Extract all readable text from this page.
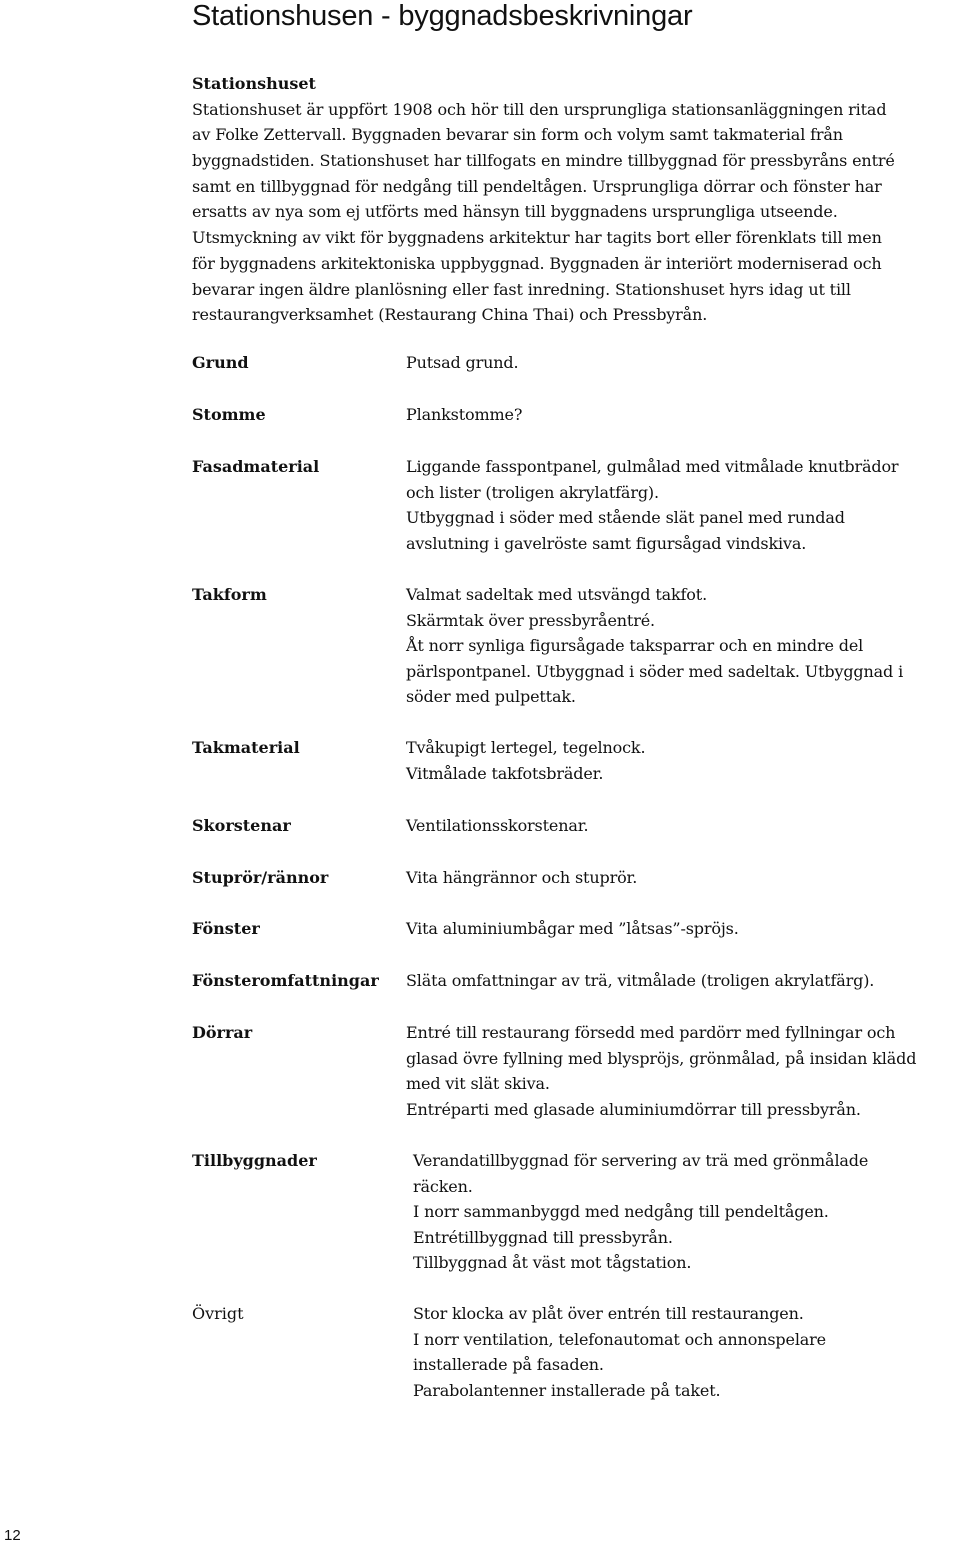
Stationshusen - byggnadsbeskrivningar
Stationshuset
Stationshuset är uppfört 1908 och hör till den ursprungliga stationsanläggningen ritad
av Folke Zettervall. Byggnaden bevarar sin form och volym samt takmaterial från
byggnadstiden. Stationshuset har tillfogats en mindre tillbyggnad för pressbyråns entré
samt en tillbyggnad för nedgång till pendeltågen. Ursprungliga dörrar och fönster har
ersatts av nya som ej utförts med hänsyn till byggnadens ursprungliga utseende.
Utsmyckning av vikt för byggnadens arkitektur har tagits bort eller förenklats till men
för byggnadens arkitektoniska uppbyggnad. Byggnaden är interiört moderniserad och
bevarar ingen äldre planlösning eller fast inredning. Stationshuset hyrs idag ut till
restaurangverksamhet (Restaurang China Thai) och Pressbyrån.
Grund	Putsad grund.
Stomme	Plankstomme?
Fasadmaterial	Liggande fasspontpanel, gulmålad med vitmålade knutbrädor
och lister (troligen akrylatfärg).
Utbyggnad i söder med stående slät panel med rundad
avslutning i gavelröste samt figursågad vindskiva.
Takform	Valmat sadeltak med utsvängd takfot.
Skärmtak över pressbyråentré.
Åt norr synliga figursågade taksparrar och en mindre del
pärlspontpanel. Utbyggnad i söder med sadeltak. Utbyggnad i
söder med pulpettak.
Takmaterial	Tvåkupigt lertegel, tegelnock.
Vitmålade takfotsbräder.
Skorstenar	Ventilationsskorstenar.
Stuprör/rännor	Vita hängrännor och stuprör.
Fönster	Vita aluminiumbågar med ”låtsas”-spröjs.
Fönsteromfattningar Släta omfattningar av trä, vitmålade (troligen akrylatfärg).
Dörrar	Entré till restaurang försedd med pardörr med fyllningar och
glasad övre fyllning med blyspröjs, grönmålad, på insidan klädd
med vit slät skiva.
Entréparti med glasade aluminiumdörrar till pressbyrån.
Tillbyggnader	Verandatillbyggnad för servering av trä med grönmålade
räcken.
I norr sammanbyggd med nedgång till pendeltågen.
Entrétillbyggnad till pressbyrån.
Tillbyggnad åt väst mot tågstation.
Övrigt	Stor klocka av plåt över entrén till restaurangen.
I norr ventilation, telefonautomat och annonspelare
installerade på fasaden.
Parabolantenner installerade på taket.
12
